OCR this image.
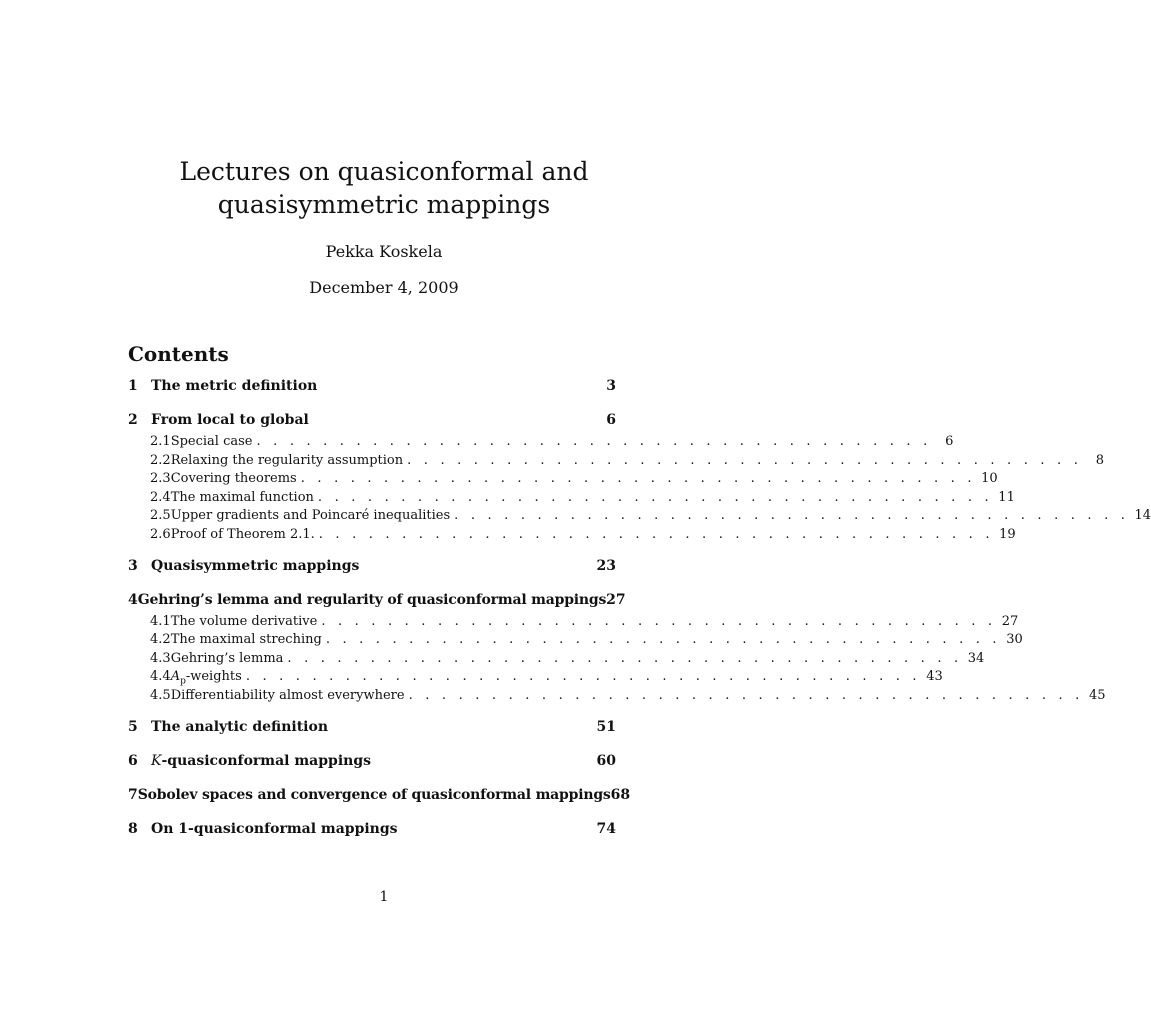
Lectures on quasiconformal and
quasisymmetric mappings
Pekka Koskela
December 4, 2009
Contents
1 The metric definition	3
2 From local to global	6
2.1 Special case . . . . . . . . . . . . . . . . . . . . . . . . . . . . . . . . . . . . . . . . .	6
2.2 Relaxing the regularity assumption . . . . . . . . . . . . . . . . . . . . . . . . . . . . . . . . . . . . . . . . .	8
2.3 Covering theorems . . . . . . . . . . . . . . . . . . . . . . . . . . . . . . . . . . . . . . . . . 10
2.4 The maximal function . . . . . . . . . . . . . . . . . . . . . . . . . . . . . . . . . . . . . . . . . 11
2.5 Upper gradients and Poincaré inequalities . . . . . . . . . . . . . . . . . . . . . . . . . . . . . . . . . . . . . . . . . 14
2.6 Proof of Theorem 2.1. . . . . . . . . . . . . . . . . . . . . . . . . . . . . . . . . . . . . . . . . . 19
3 Quasisymmetric mappings	23
4 Gehring’s lemma and regularity of quasiconformal mappings 27
4.1 The volume derivative . . . . . . . . . . . . . . . . . . . . . . . . . . . . . . . . . . . . . . . . . 27
4.2 The maximal streching . . . . . . . . . . . . . . . . . . . . . . . . . . . . . . . . . . . . . . . . . 30
4.3 Gehring’s lemma . . . . . . . . . . . . . . . . . . . . . . . . . . . . . . . . . . . . . . . . . 34
4.4 $A_p$-weights . . . . . . . . . . . . . . . . . . . . . . . . . . . . . . . . . . . . . . . . . 43
4.5 Differentiability almost everywhere . . . . . . . . . . . . . . . . . . . . . . . . . . . . . . . . . . . . . . . . . 45
5 The analytic definition	51
6 K-quasiconformal mappings	60
7 Sobolev spaces and convergence of quasiconformal mappings 68
8 On 1-quasiconformal mappings	74
1
